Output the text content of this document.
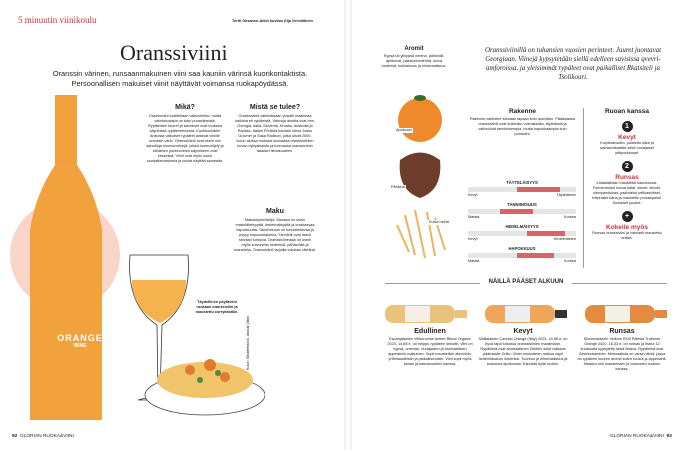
5 minuutin viinikoulu	Tertti Oksanen-Aikin kuvitus Eija Vehviläinen
Oranssiviini
Oranssin värinen, runsaanmakuinen viini saa kauniin värinsä kuorikontaktista. Persoonallisen makuiset viinit näyttävät voimansa ruokapöydässä.
ORANGE
WINE
Täydellinen pöytäviini ruokaan oranssiviini ja maustettu currykastike.
Kuva: Shutterstock, Annuli Vilkis
Mikä?
Oranssiviini luokitellaan valkoviiniksi, mutta valmistustapa on tuttu punaviineistä. Rypäleiden kuoret ja siemenet ovat mukana käyneissä rypälemehuissa. Kuorikontaktin ansiosta valkoiset rypäleet antavat viinille oranssin värin. Oranssiviinit ovat usein niin sanottuja luonnonviinejä, joissa luomuviljely ja vähäinen puuttuminen käymiseen ovat keskeisiä. Viinit ovat myös usein suodattamattomia ja voivat näyttää samealta.
Mistä se tulee?
Oranssiviinit valmistetaan ympäri maailmaa kaikista eri rypäleistä. Vahvoja alueita ovat mm. Georgia, Italia, Slovenia, Kroatia, Australia ja Ranska. Italian Friulista kotoisin oleva Josko Gravner ja Sasa Radikon, jotka olivat 2000-luvun alussa mukana luomassa oranssiviinien kuvan nykyaikaista ja tuomassa oranssiviinin takaisin tietoisuuteen.
Maku
Makuköynnöstöjä. Maussa on usein maanläheisyyttä, hedelmäisyyttä ja kuiskaavaa hapokkuutta. Tanniinisuus on tunnistettavaa ja pysyy sopusuhtaisena. Tanniinit ovat usein selvästi tuntuvia. Oranssiviineissä on usein myös kuivuneita hedelmiä, pähkinöitä ja mausteita. Oranssiviinit tarjoilla voidaan viileänä.
92 GLORIAN RUOKA&VIINI
Aromit
Kypsä tai ylikypsä omena, pähkinät, aprikoosi, passionhedelmä, kuiva hedelmä, kukkaisuus ja mineraalisuus.
Oranssiviinillä on tuhansien vuosien perinteet. Juuret juontavat Georgiaan. Viinejä kypsytetään siellä edelleen savisissa qvevri-amforoissa, ja yleisimmät rypäleet ovat paikalliset Rkatsiteli ja Tsolikouri.
Aprikoosi
Pähkinä
Kuiva heinä
Rakenne
Rakenne vaihtelee samaan tapaan kuin aromitkin. Pääasiassa oranssiviinit ovat kuitenkin voimakkaita, täyteläisiä ja valkoviiniä tanniinisempia, mutta hapokkaampia kuin punaviini.
TÄYTELÄISYYS
Kevyt	Täyteläinen
TANNIINISUUS
Matala	Korkea
HEDELMÄISYYS
Kevyt	Hedelmäinen
HAPOKKUUS
Matala	Korkea
Ruoan kanssa
1
Kevyt
Kurpitsarisotto, paistettu siika ja salviavoikastike sekä hunajaiset yrttiporkkanat.
2
Runsas
Intialaistilaan maustetut kasvisruuat. Formentoidut kuivat kalat, sienet, kimchi, sienipaistokset, paahdetut yrttikasvikset, friteeratut kana ja maustettu porsaspaisti. Suolaiset juustot.
+
Kokeile myös
Runsas oranssiviini ja vahvasti maustettu ankka.
NÄILLÄ PÄÄSET ALKUUN
Edullinen
Espanjalainen Vilitorroinse Amber Blend Organic 2023, 14,65 e, on helppo rypäleen sekoite. Viini on kypsä, omenan, hunajaisen ja aromaattisen appelsiinin makuinen. Sopii mausteisiin aterioihin, yrttimausteisiin ja paikallisruokiin. Viini sopii myös kanan ja kasvisruokien kanssa.
Kevyt
Sisilialainen Cantalo Orange (Italy) 2023, 19,98 e, on hyvä tapa tutustua oranssiviinien maailmaan. Rypäleinä ovat aromaattinen Zibibbo sekä rakkaus päämaalle Grillo. Viinin omenainen makua sopii hedelmäsavun kaveriksi. Tuoreus ja mineraalisuus ja tuoksuna aprikoosia. Kauniisti kyllä ruokiin.
Runsas
Slovenialainen Veikom RO9 Pälewa Traminer Orange 2020, 16,33 e, on runsas ja ihana 12 kuukautta kypsytetty sekä ilmava. Rypäleinä ovat Gewürztraminer. Mineraalista on varsin viiniä, jossa on rypäleen kuoren aromit kuten ruusut ja appelsiinit. Maistuu niin mausteisten ja oranssien ruokien kanssa.
GLORIAN RUOKA&VIINI 93
